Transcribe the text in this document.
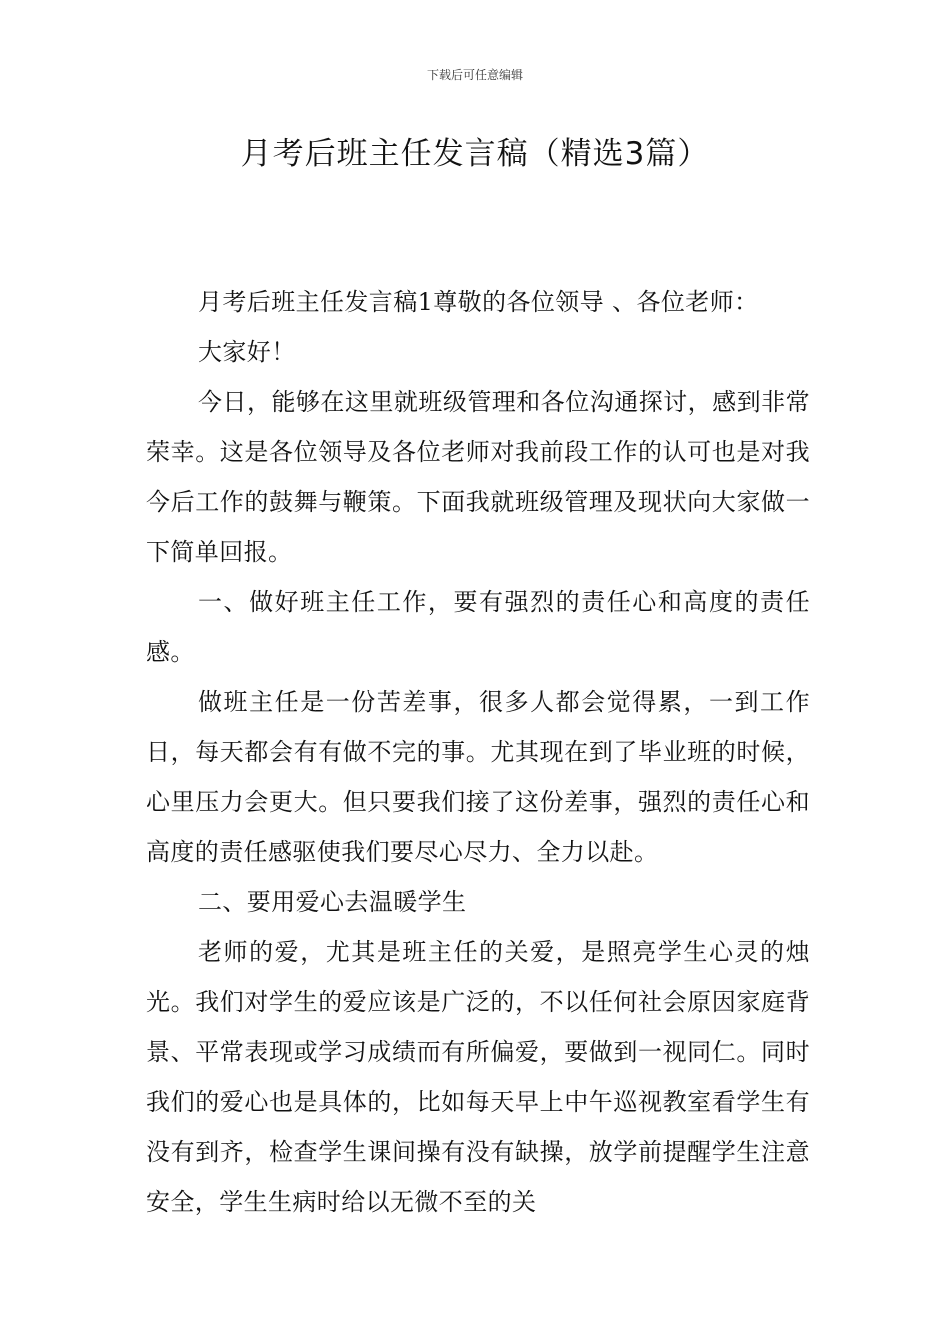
下载后可任意编辑
月考后班主任发言稿（精选3篇）

月考后班主任发言稿1尊敬的各位领导 、各位老师：

大家好！

今日，能够在这里就班级管理和各位沟通探讨，感到非常荣幸。这是各位领导及各位老师对我前段工作的认可也是对我今后工作的鼓舞与鞭策。下面我就班级管理及现状向大家做一下简单回报。

一、做好班主任工作，要有强烈的责任心和高度的责任感。

做班主任是一份苦差事，很多人都会觉得累，一到工作日，每天都会有有做不完的事。尤其现在到了毕业班的时候，心里压力会更大。但只要我们接了这份差事，强烈的责任心和高度的责任感驱使我们要尽心尽力、全力以赴。

二、要用爱心去温暖学生

老师的爱，尤其是班主任的关爱，是照亮学生心灵的烛光。我们对学生的爱应该是广泛的，不以任何社会原因家庭背景、平常表现或学习成绩而有所偏爱，要做到一视同仁。同时我们的爱心也是具体的，比如每天早上中午巡视教室看学生有没有到齐，检查学生课间操有没有缺操，放学前提醒学生注意安全，学生生病时给以无微不至的关
